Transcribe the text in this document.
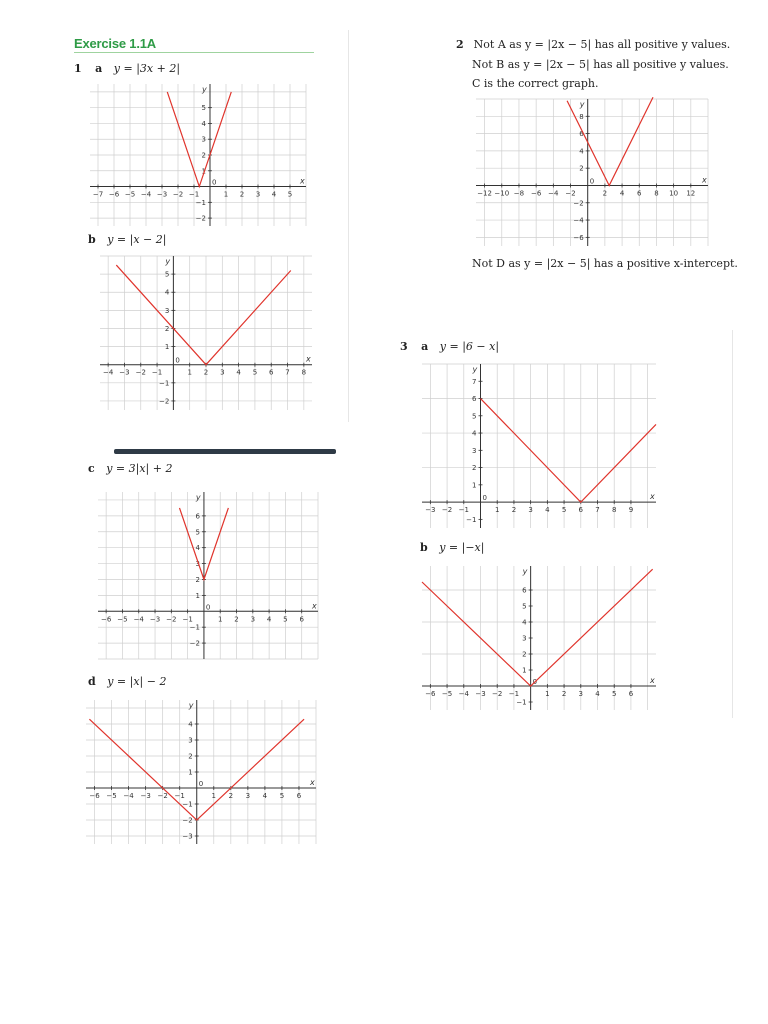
Exercise 1.1A
1 a y = |3x + 2|
−7 −6 −5 −4 −3 −2 −1	1 2 3 4 5
−2
−1
1
2
3
4
5
0	x
y
b y = |x − 2|
−4 −3 −2 −1	1 2 3 4 5 6 7 8
−2
−1
1
2
3
4
5
0	x
y
c y = 3|x| + 2
−6 −5 −4 −3 −2 −1	1 2 3 4 5 6
−2
−1
1
2
3
4
5
6
0	x
y
d y = |x| − 2
−6 −5 −4 −3 −2 −1	1 2 3 4 5 6
−3
−2
−1
1
2
3
4
0	x
y
2 Not A as y = |2x − 5| has all positive y values.
Not B as y = |2x − 5| has all positive y values.
C is the correct graph.
−12 −10 −8 −6 −4 −2	2 4 6 8 10 12
−6
−4
−2
2
4
6
8
0	x
y
Not D as y = |2x − 5| has a positive x-intercept.
3 a y = |6 − x|
−3 −2 −1	1 2 3 4 5 6 7 8 9
−1
1
2
3
4
5
6
7
0	x
y
b y = |−x|
−6 −5 −4 −3 −2 −1	1 2 3 4 5 6
−1
1
2
3
4
5
6
0	x
y
